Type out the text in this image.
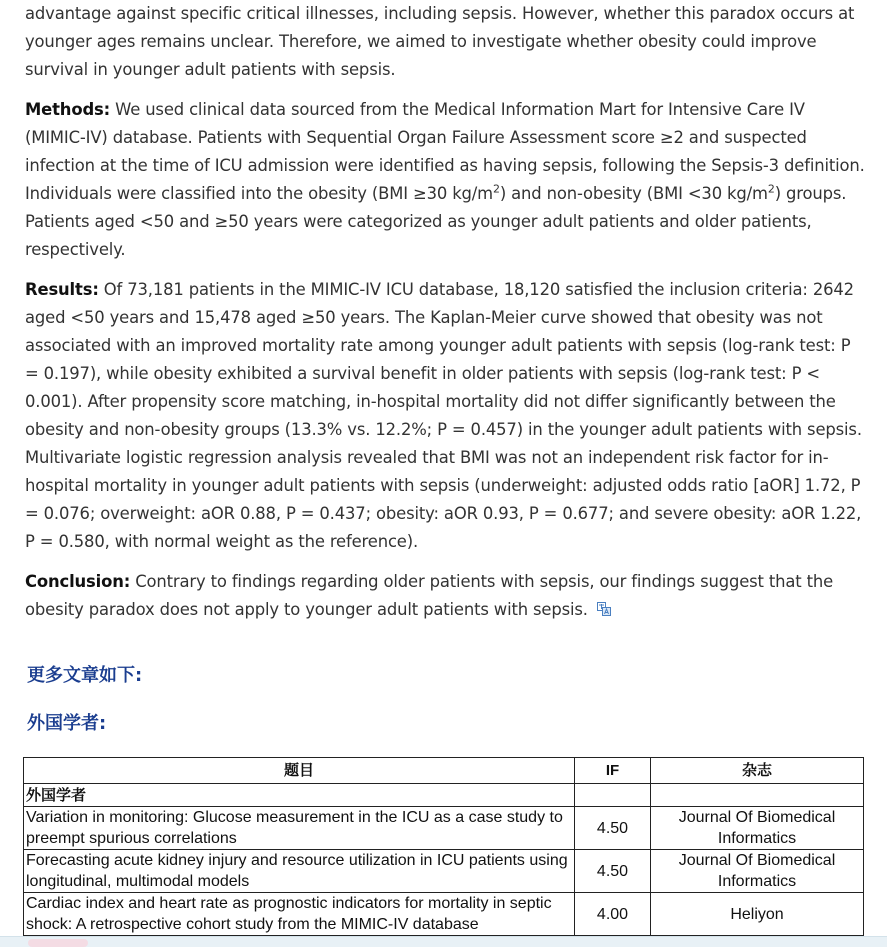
advantage against specific critical illnesses, including sepsis. However, whether this paradox occurs at younger ages remains unclear. Therefore, we aimed to investigate whether obesity could improve survival in younger adult patients with sepsis.

Methods: We used clinical data sourced from the Medical Information Mart for Intensive Care IV (MIMIC-IV) database. Patients with Sequential Organ Failure Assessment score ≥2 and suspected infection at the time of ICU admission were identified as having sepsis, following the Sepsis-3 definition. Individuals were classified into the obesity (BMI ≥30 $kg/m^2$) and non-obesity (BMI <30 $kg/m^2$) groups. Patients aged <50 and ≥50 years were categorized as younger adult patients and older patients, respectively.

Results: Of 73,181 patients in the MIMIC-IV ICU database, 18,120 satisfied the inclusion criteria: 2642 aged <50 years and 15,478 aged ≥50 years. The Kaplan-Meier curve showed that obesity was not associated with an improved mortality rate among younger adult patients with sepsis (log-rank test: P = 0.197), while obesity exhibited a survival benefit in older patients with sepsis (log-rank test: P < 0.001). After propensity score matching, in-hospital mortality did not differ significantly between the obesity and non-obesity groups (13.3% vs. 12.2%; P = 0.457) in the younger adult patients with sepsis. Multivariate logistic regression analysis revealed that BMI was not an independent risk factor for in-hospital mortality in younger adult patients with sepsis (underweight: adjusted odds ratio [aOR] 1.72, P = 0.076; overweight: aOR 0.88, P = 0.437; obesity: aOR 0.93, P = 0.677; and severe obesity: aOR 1.22, P = 0.580, with normal weight as the reference).

Conclusion: Contrary to findings regarding older patients with sepsis, our findings suggest that the obesity paradox does not apply to younger adult patients with sepsis.

更多文章如下:
外国学者:
题目	IF	杂志
外国学者		
Variation in monitoring: Glucose measurement in the ICU as a case study to preempt spurious correlations	4.50	Journal Of Biomedical Informatics
Forecasting acute kidney injury and resource utilization in ICU patients using longitudinal, multimodal models	4.50	Journal Of Biomedical Informatics
Cardiac index and heart rate as prognostic indicators for mortality in septic shock: A retrospective cohort study from the MIMIC-IV database	4.00	Heliyon
